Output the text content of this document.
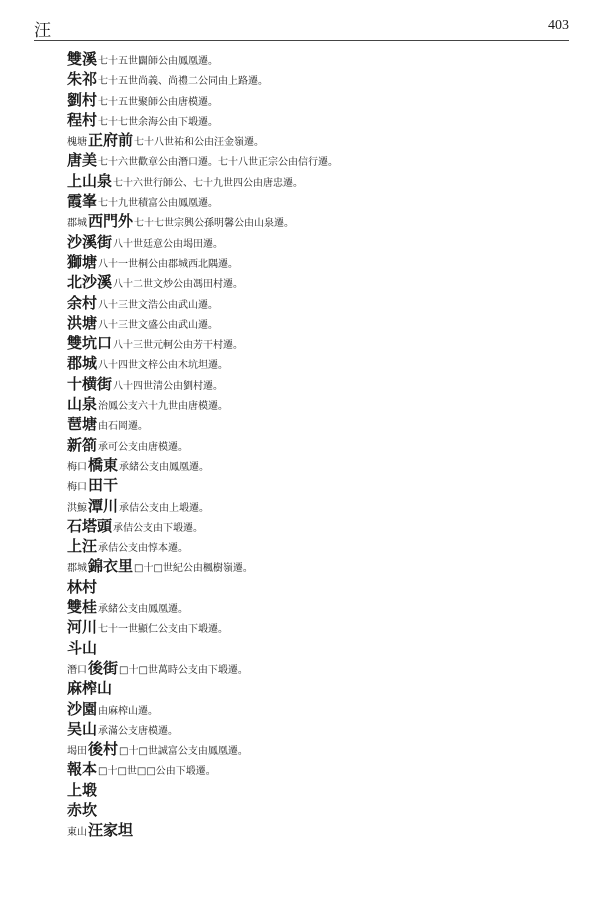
汪	403
雙溪七十五世闢師公由鳳凰遷。
朱祁七十五世尚義、尚禮二公同由上路遷。
劉村七十五世聚師公由唐模遷。
程村七十七世余海公由下塅遷。
槐塘正府前七十八世祐和公由汪金嶺遷。
唐美七十六世歡章公由潛口遷。七十八世正宗公由信行遷。
上山泉七十六世行師公、七十九世四公由唐忠遷。
霞峯七十九世積富公由鳳凰遷。
郡城西門外七十七世宗興公孫明馨公由山泉遷。
沙溪街八十世廷意公由堨田遷。
獅塘八十一世桐公由郡城西北隅遷。
北沙溪八十二世文炒公由馮田村遷。
余村八十三世文浩公由武山遷。
洪塘八十三世文盛公由武山遷。
雙坑口八十三世元軻公由芳干村遷。
郡城八十四世文梓公由木坑坦遷。
十横街八十四世清公由劉村遷。
山泉治鳳公支六十九世由唐模遷。
琶塘由石岡遷。
新箚承可公支由唐模遷。
梅口橋東承緒公支由鳳凰遷。
梅口田干
洪鯨潭川承佶公支由上塅遷。
石塔頭承佶公支由下塅遷。
上汪承佶公支由惇本遷。
郡城錦衣里□十□世紀公由楓樹嶺遷。
林村
雙桂承緒公支由鳳凰遷。
河川七十一世顯仁公支由下塅遷。
斗山
潛口後街□十□世萬時公支由下塅遷。
麻榨山
沙園由麻榨山遷。
吴山承滿公支唐模遷。
堨田後村□十□世誠富公支由鳳凰遷。
報本□十□世□□公由下塅遷。
上塅
赤坎
東山汪家坦
